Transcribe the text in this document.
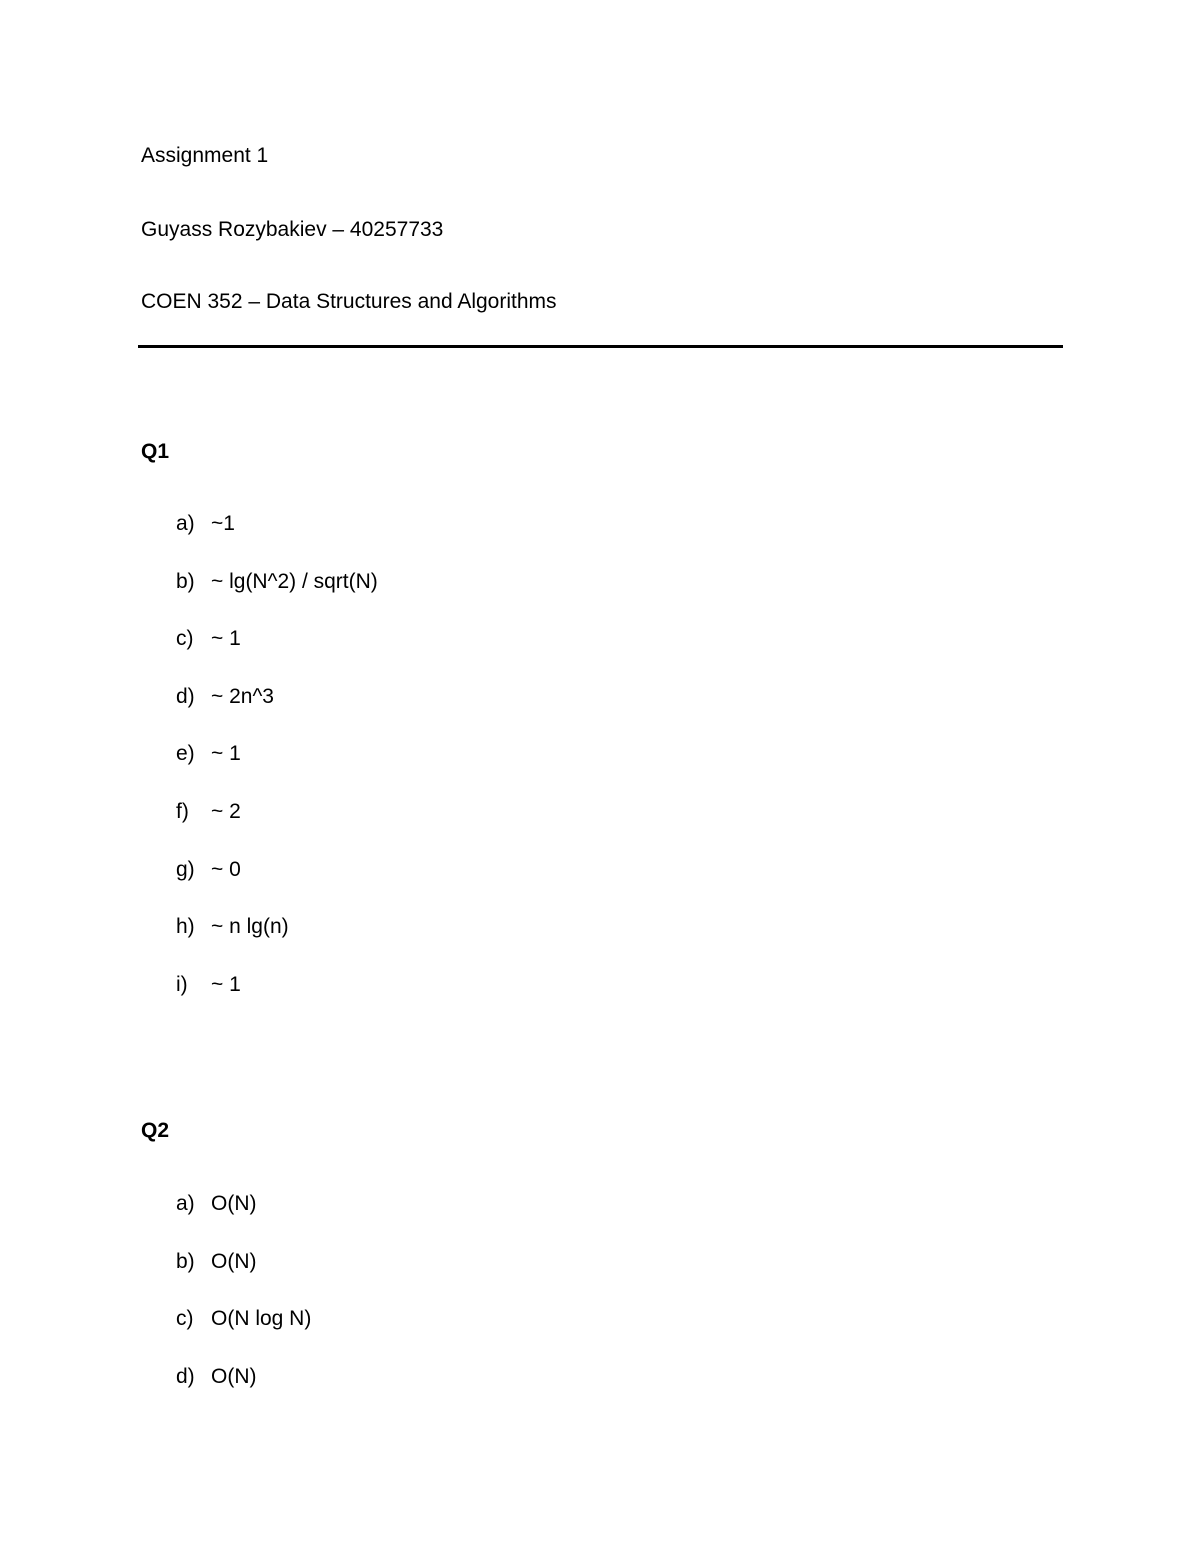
Assignment 1
Guyass Rozybakiev – 40257733
COEN 352 – Data Structures and Algorithms
Q1
a) ~1
b) ~ lg(N^2) / sqrt(N)
c) ~ 1
d) ~ 2n^3
e) ~ 1
f) ~ 2
g) ~ 0
h) ~ n lg(n)
i) ~ 1
Q2
a) O(N)
b) O(N)
c) O(N log N)
d) O(N)
